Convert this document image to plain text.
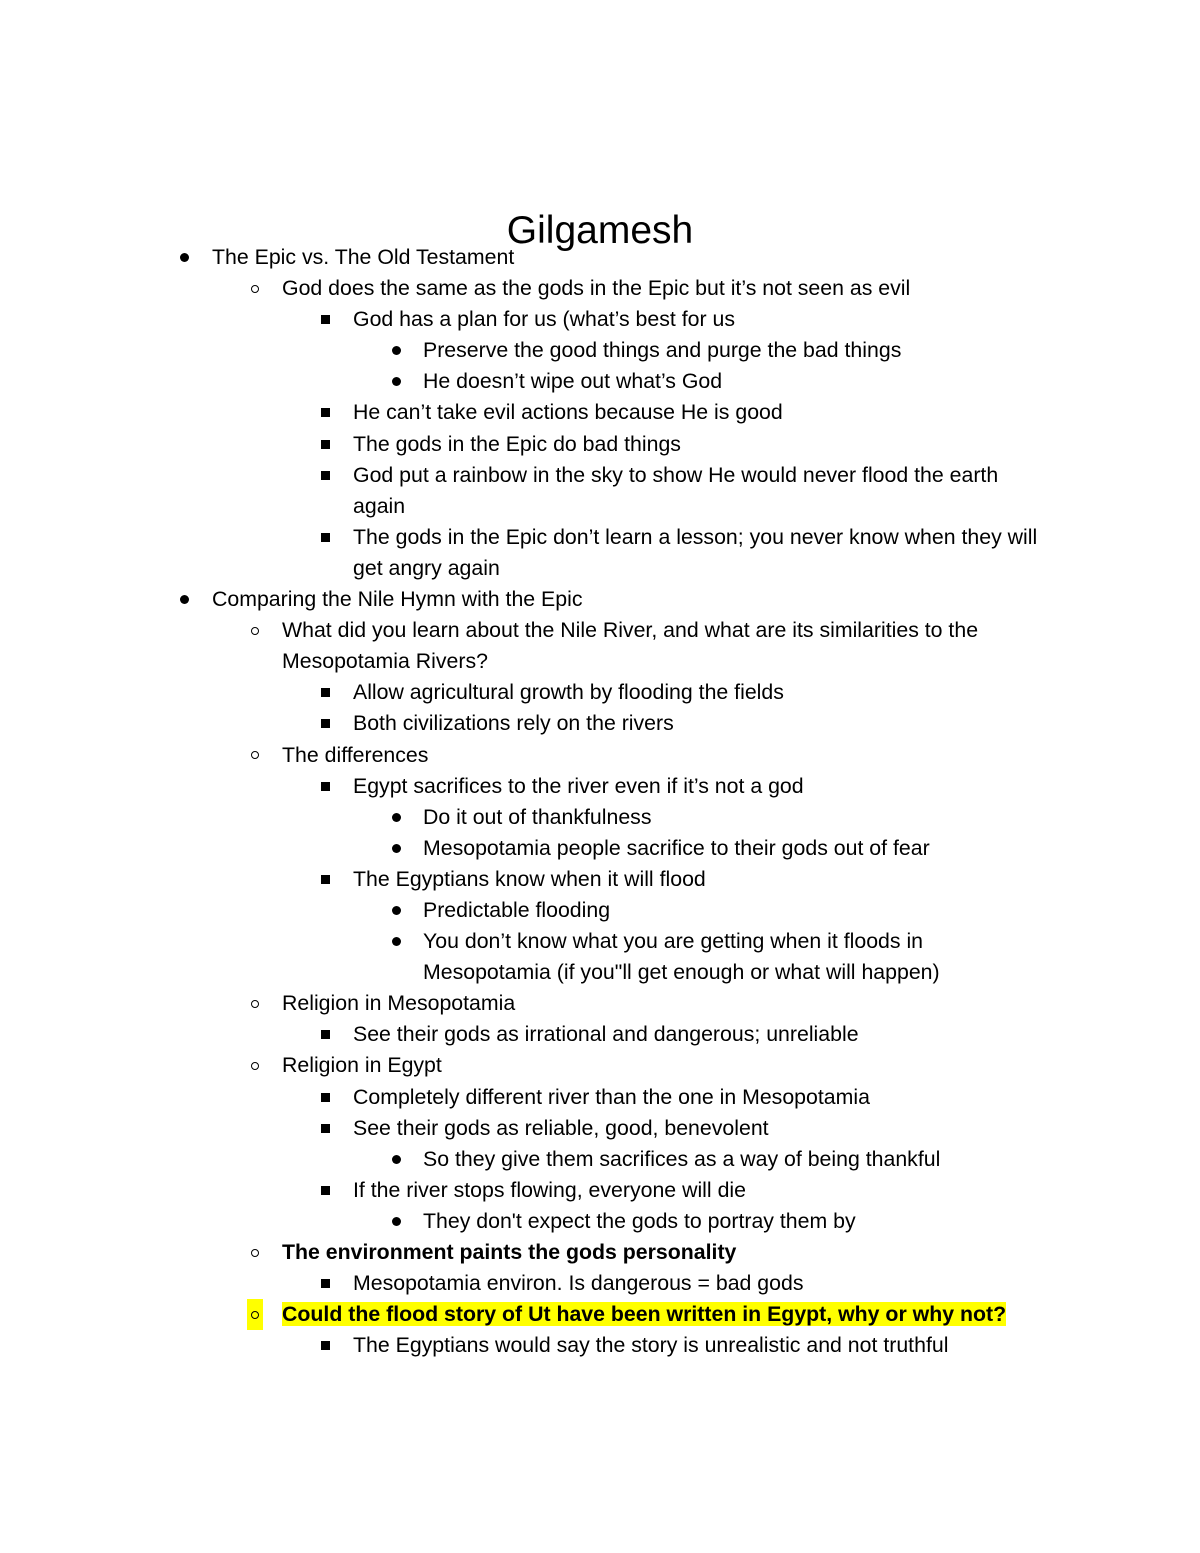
Gilgamesh
The Epic vs. The Old Testament
God does the same as the gods in the Epic but it’s not seen as evil
God has a plan for us (what’s best for us
Preserve the good things and purge the bad things
He doesn’t wipe out what’s God
He can’t take evil actions because He is good
The gods in the Epic do bad things
God put a rainbow in the sky to show He would never flood the earth again
The gods in the Epic don’t learn a lesson; you never know when they will get angry again
Comparing the Nile Hymn with the Epic
What did you learn about the Nile River, and what are its similarities to the Mesopotamia Rivers?
Allow agricultural growth by flooding the fields
Both civilizations rely on the rivers
The differences
Egypt sacrifices to the river even if it’s not a god
Do it out of thankfulness
Mesopotamia people sacrifice to their gods out of fear
The Egyptians know when it will flood
Predictable flooding
You don’t know what you are getting when it floods in Mesopotamia (if you"ll get enough or what will happen)
Religion in Mesopotamia
See their gods as irrational and dangerous; unreliable
Religion in Egypt
Completely different river than the one in Mesopotamia
See their gods as reliable, good, benevolent
So they give them sacrifices as a way of being thankful
If the river stops flowing, everyone will die
They don't expect the gods to portray them by
The environment paints the gods personality
Mesopotamia environ. Is dangerous = bad gods
Could the flood story of Ut have been written in Egypt, why or why not?
The Egyptians would say the story is unrealistic and not truthful
